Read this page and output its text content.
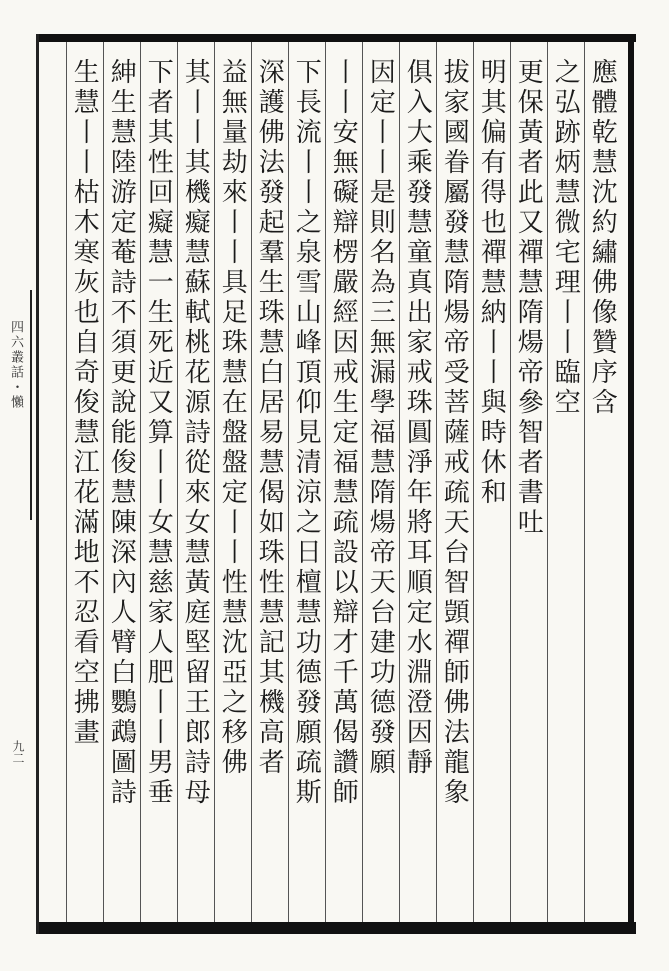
四六叢話・懶
九二
應體乾慧沈約繡佛像贊序含
之弘跡炳慧微宅理丨丨臨空
更保黃者此又禪慧隋煬帝參智者書吐
明其偏有得也禪慧納丨丨與時休和
拔家國眷屬發慧隋煬帝受菩薩戒疏天台智顗禪師佛法龍象
俱入大乘發慧童真出家戒珠圓淨年將耳順定水淵澄因靜
因定丨丨是則名為三無漏學福慧隋煬帝天台建功德發願
丨丨安無礙辯楞嚴經因戒生定福慧疏設以辯才千萬偈讚師
下長流丨丨之泉雪山峰頂仰見清涼之日檀慧功德發願疏斯
深護佛法發起羣生珠慧白居易慧偈如珠性慧記其機高者
益無量劫來丨丨具足珠慧在盤盤定丨丨性慧沈亞之移佛
其丨丨其機癡慧蘇軾桃花源詩從來女慧黃庭堅留王郎詩母
下者其性回癡慧一生死近又算丨丨女慧慈家人肥丨丨男垂
紳生慧陸游定菴詩不須更說能俊慧陳深內人臂白鸚鵡圖詩
生慧丨丨枯木寒灰也自奇俊慧江花滿地不忍看空拂畫
